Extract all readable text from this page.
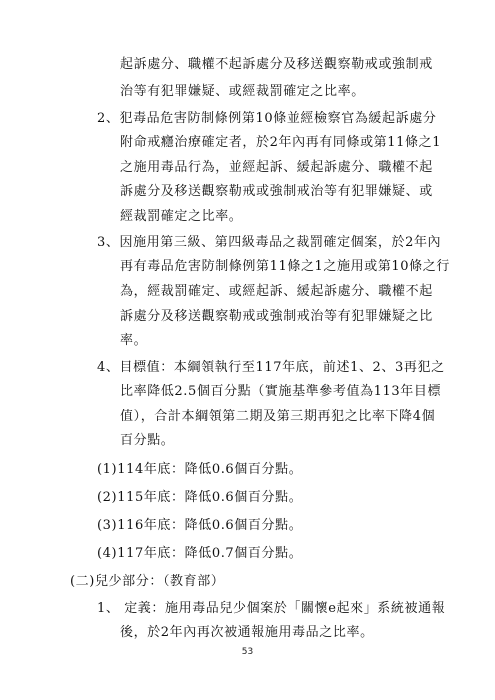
起訴處分、職權不起訴處分及移送觀察勒戒或強制戒
治等有犯罪嫌疑、或經裁罰確定之比率。
2、犯毒品危害防制條例第10條並經檢察官為緩起訴處分
附命戒癮治療確定者，於2年內再有同條或第11條之1
之施用毒品行為，並經起訴、緩起訴處分、職權不起
訴處分及移送觀察勒戒或強制戒治等有犯罪嫌疑、或
經裁罰確定之比率。
3、因施用第三級、第四級毒品之裁罰確定個案，於2年內
再有毒品危害防制條例第11條之1之施用或第10條之行
為，經裁罰確定、或經起訴、緩起訴處分、職權不起
訴處分及移送觀察勒戒或強制戒治等有犯罪嫌疑之比
率。
4、目標值：本綱領執行至117年底，前述1、2、3再犯之
比率降低2.5個百分點（實施基準參考值為113年目標
值），合計本綱領第二期及第三期再犯之比率下降4個
百分點。
(1)114年底：降低0.6個百分點。
(2)115年底：降低0.6個百分點。
(3)116年底：降低0.6個百分點。
(4)117年底：降低0.7個百分點。
(二)兒少部分：（教育部）
1、 定義：施用毒品兒少個案於「關懷e起來」系統被通報
後，於2年內再次被通報施用毒品之比率。
53
